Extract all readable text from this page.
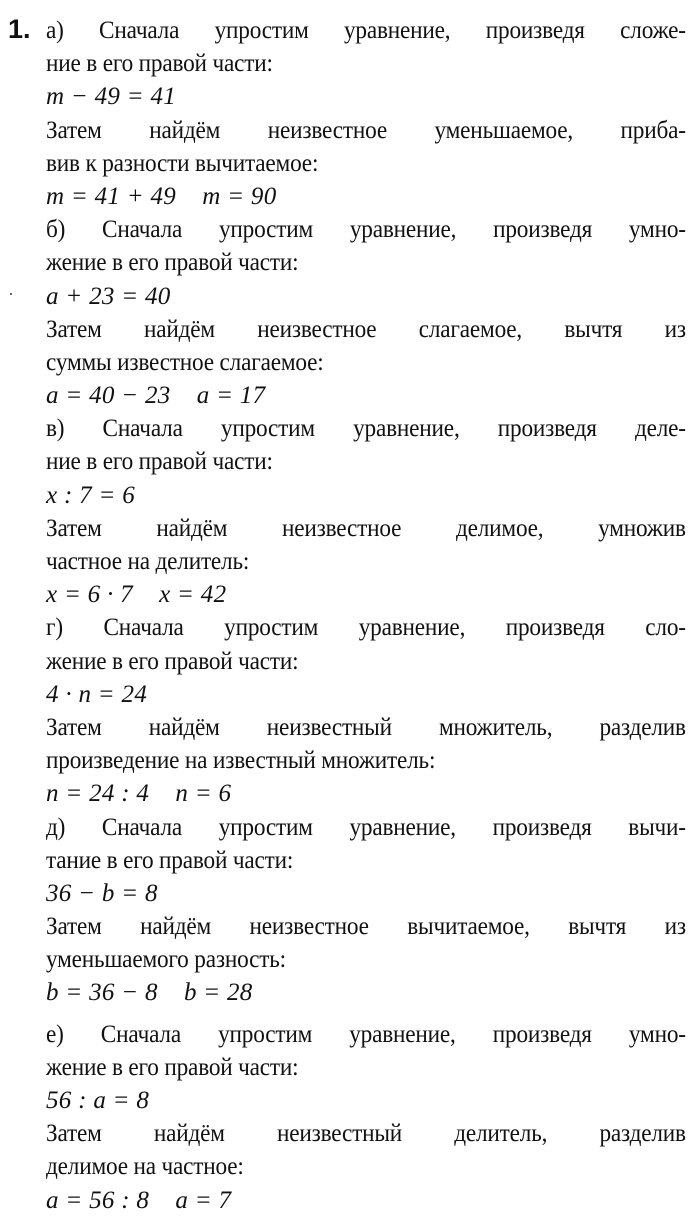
1. а) Сначала упростим уравнение, произведя сложе-
ние в его правой части:
m − 49 = 41
Затем найдём неизвестное уменьшаемое, приба-
вив к разности вычитаемое:
m = 41 + 49    m = 90
б) Сначала упростим уравнение, произведя умно-
жение в его правой части:
a + 23 = 40
Затем найдём неизвестное слагаемое, вычтя из
суммы известное слагаемое:
a = 40 − 23    a = 17
в) Сначала упростим уравнение, произведя деле-
ние в его правой части:
x : 7 = 6
Затем найдём неизвестное делимое, умножив
частное на делитель:
x = 6 · 7    x = 42
г) Сначала упростим уравнение, произведя сло-
жение в его правой части:
4 · n = 24
Затем найдём неизвестный множитель, разделив
произведение на известный множитель:
n = 24 : 4    n = 6
д) Сначала упростим уравнение, произведя вычи-
тание в его правой части:
36 − b = 8
Затем найдём неизвестное вычитаемое, вычтя из
уменьшаемого разность:
b = 36 − 8    b = 28
е) Сначала упростим уравнение, произведя умно-
жение в его правой части:
56 : a = 8
Затем найдём неизвестный делитель, разделив
делимое на частное:
a = 56 : 8    a = 7
